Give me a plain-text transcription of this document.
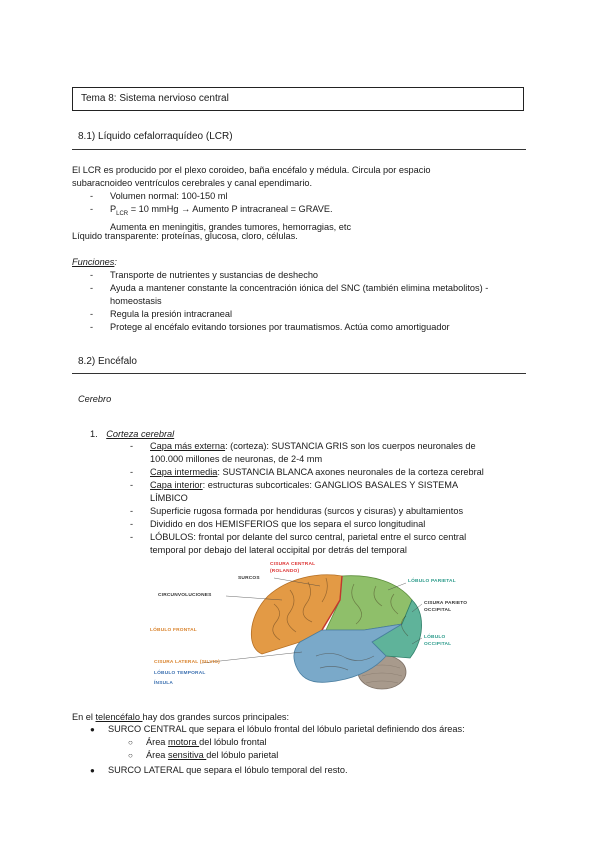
Tema 8: Sistema nervioso central
8.1) Líquido cefalorraquídeo (LCR)
El LCR es producido por el plexo coroideo, baña encéfalo y médula. Circula por espacio
subaracnoideo ventrículos cerebrales y canal ependimario.
- Volumen normal: 100-150 ml
- $P_{LCR} = 10$ mmHg → Aumento P intracraneal = GRAVE.
Aumenta en meningitis, grandes tumores, hemorragias, etc
Líquido transparente: proteínas, glucosa, cloro, células.
Funciones:
- Transporte de nutrientes y sustancias de deshecho
- Ayuda a mantener constante la concentración iónica del SNC (también elimina metabolitos) -
homeostasis
- Regula la presión intracraneal
- Protege al encéfalo evitando torsiones por traumatismos. Actúa como amortiguador
8.2) Encéfalo
Cerebro
1. Corteza cerebral
- Capa más externa: (corteza): SUSTANCIA GRIS son los cuerpos neuronales de
100.000 millones de neuronas, de 2-4 mm
- Capa intermedia: SUSTANCIA BLANCA axones neuronales de la corteza cerebral
- Capa interior: estructuras subcorticales: GANGLIOS BASALES Y SISTEMA
LÍMBICO
- Superficie rugosa formada por hendiduras (surcos y cisuras) y abultamientos
- Dividido en dos HEMISFERIOS que los separa el surco longitudinal
- LÓBULOS: frontal por delante del surco central, parietal entre el surco central
temporal por debajo del lateral occipital por detrás del temporal
CISURA CENTRAL
(ROLANDO)
SURCOS
CIRCUNVOLUCIONES
LÓBULO PARIETAL
CISURA PARIETO
OCCIPITAL
LÓBULO FRONTAL
LÓBULO
OCCIPITAL
CISURA LATERAL (SILVIO)
LÓBULO TEMPORAL
ÍNSULA
En el telencéfalo hay dos grandes surcos principales:
● SURCO CENTRAL que separa el lóbulo frontal del lóbulo parietal definiendo dos áreas:
○ Área motora del lóbulo frontal
○ Área sensitiva del lóbulo parietal
● SURCO LATERAL que separa el lóbulo temporal del resto.
